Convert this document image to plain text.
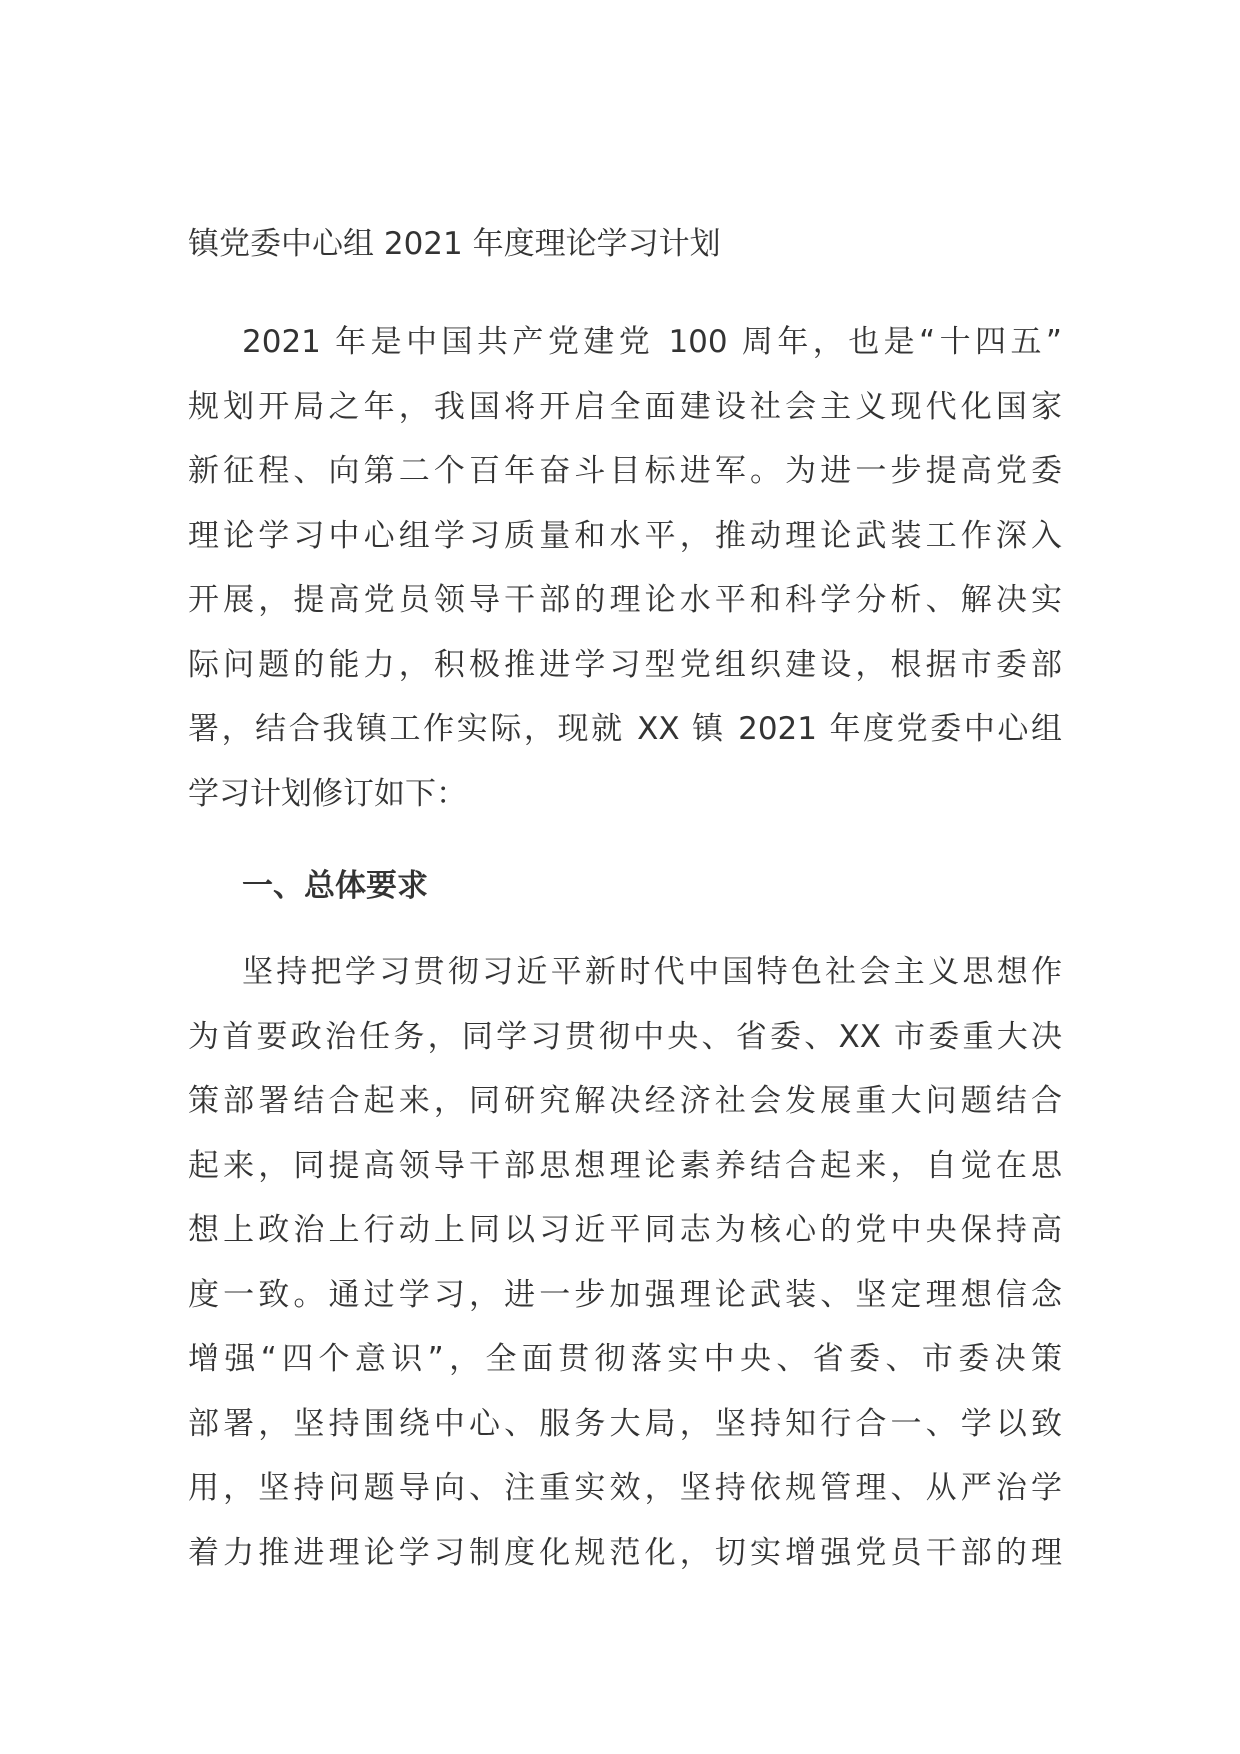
镇党委中心组 2021 年度理论学习计划
2021 年是中国共产党建党 100 周年，也是“十四五”
规划开局之年，我国将开启全面建设社会主义现代化国家
新征程、向第二个百年奋斗目标进军。为进一步提高党委
理论学习中心组学习质量和水平，推动理论武装工作深入
开展，提高党员领导干部的理论水平和科学分析、解决实
际问题的能力，积极推进学习型党组织建设，根据市委部
署，结合我镇工作实际，现就 XX 镇 2021 年度党委中心组
学习计划修订如下：
一、总体要求
坚持把学习贯彻习近平新时代中国特色社会主义思想作
为首要政治任务，同学习贯彻中央、省委、XX 市委重大决
策部署结合起来，同研究解决经济社会发展重大问题结合
起来，同提高领导干部思想理论素养结合起来，自觉在思
想上政治上行动上同以习近平同志为核心的党中央保持高
度一致。通过学习，进一步加强理论武装、坚定理想信念
增强“四个意识”，全面贯彻落实中央、省委、市委决策
部署，坚持围绕中心、服务大局，坚持知行合一、学以致
用，坚持问题导向、注重实效，坚持依规管理、从严治学
着力推进理论学习制度化规范化，切实增强党员干部的理
